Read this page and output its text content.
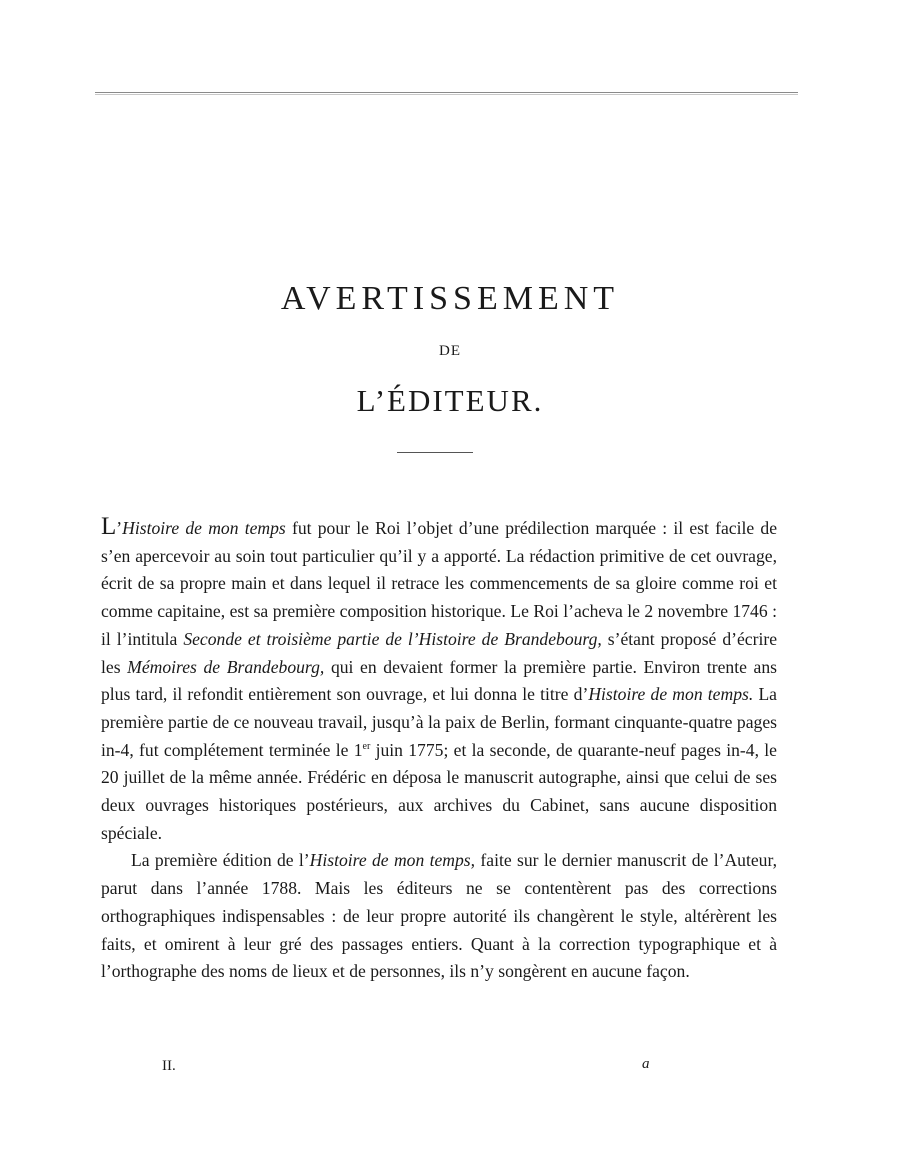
AVERTISSEMENT
DE
L’ÉDITEUR.

L’Histoire de mon temps fut pour le Roi l’objet d’une prédilection marquée : il est facile de s’en apercevoir au soin tout particulier qu’il y a apporté. La rédaction primitive de cet ouvrage, écrit de sa propre main et dans lequel il retrace les commencements de sa gloire comme roi et comme capitaine, est sa première composition historique. Le Roi l’acheva le 2 novembre 1746 : il l’intitula Seconde et troisième partie de l’Histoire de Brandebourg, s’étant proposé d’écrire les Mémoires de Brandebourg, qui en devaient former la première partie. Environ trente ans plus tard, il refondit entièrement son ouvrage, et lui donna le titre d’Histoire de mon temps. La première partie de ce nouveau travail, jusqu’à la paix de Berlin, formant cinquante-quatre pages in-4, fut complétement terminée le 1er juin 1775; et la seconde, de quarante-neuf pages in-4, le 20 juillet de la même année. Frédéric en déposa le manuscrit autographe, ainsi que celui de ses deux ouvrages historiques postérieurs, aux archives du Cabinet, sans aucune disposition spéciale.

La première édition de l’Histoire de mon temps, faite sur le dernier manuscrit de l’Auteur, parut dans l’année 1788. Mais les éditeurs ne se contentèrent pas des corrections orthographiques indispensables : de leur propre autorité ils changèrent le style, altérèrent les faits, et omirent à leur gré des passages entiers. Quant à la correction typographique et à l’orthographe des noms de lieux et de personnes, ils n’y songèrent en aucune façon.

II.	a
